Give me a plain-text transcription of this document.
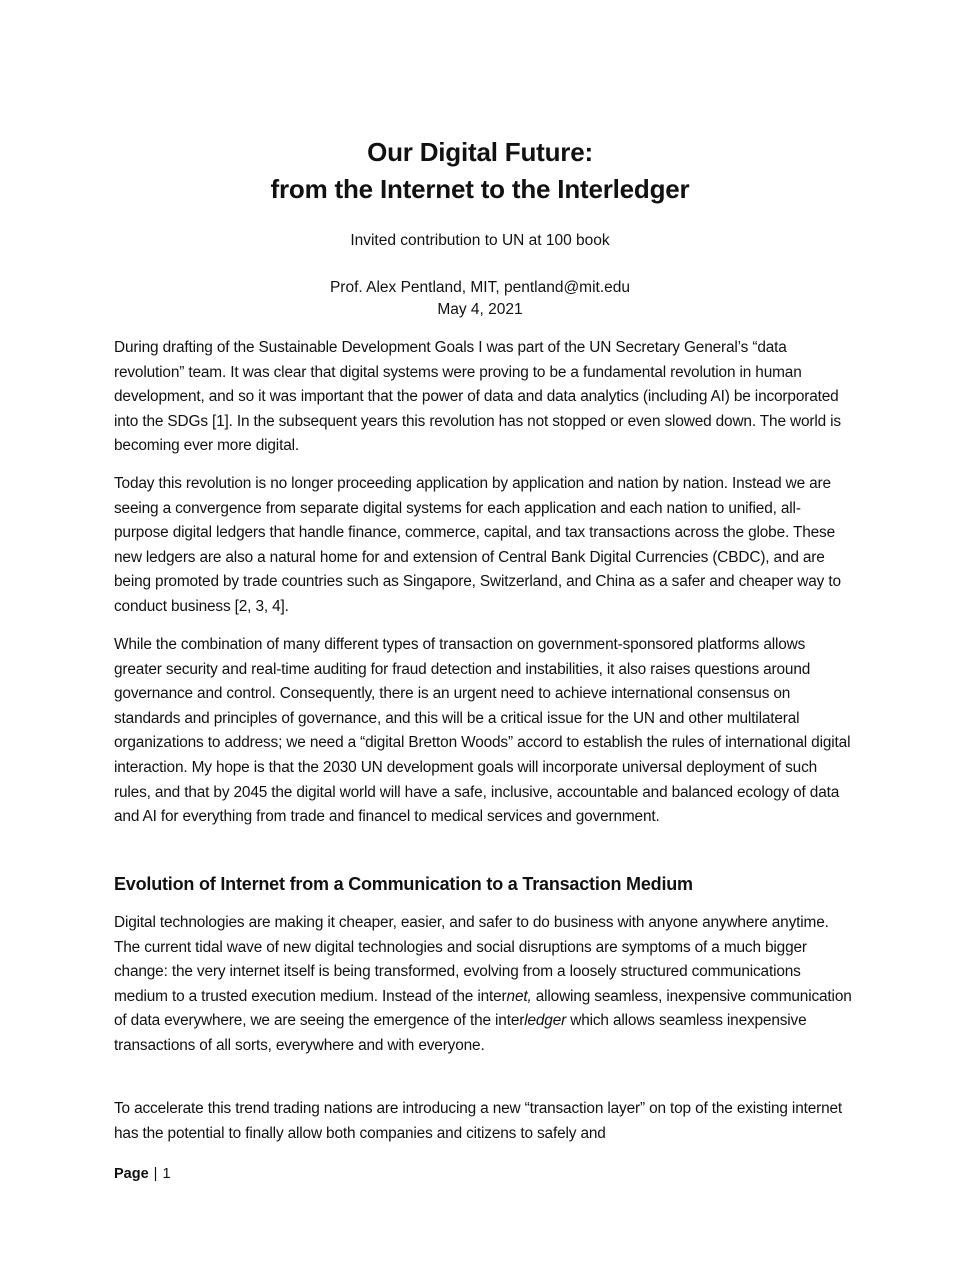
Our Digital Future:
from the Internet to the Interledger
Invited contribution to UN at 100 book
Prof. Alex Pentland, MIT, pentland@mit.edu
May 4, 2021

During drafting of the Sustainable Development Goals I was part of the UN Secretary General’s “data revolution” team. It was clear that digital systems were proving to be a fundamental revolution in human development, and so it was important that the power of data and data analytics (including AI) be incorporated into the SDGs [1]. In the subsequent years this revolution has not stopped or even slowed down. The world is becoming ever more digital.

Today this revolution is no longer proceeding application by application and nation by nation. Instead we are seeing a convergence from separate digital systems for each application and each nation to unified, all-purpose digital ledgers that handle finance, commerce, capital, and tax transactions across the globe. These new ledgers are also a natural home for and extension of Central Bank Digital Currencies (CBDC), and are being promoted by trade countries such as Singapore, Switzerland, and China as a safer and cheaper way to conduct business [2, 3, 4].

While the combination of many different types of transaction on government-sponsored platforms allows greater security and real-time auditing for fraud detection and instabilities, it also raises questions around governance and control. Consequently, there is an urgent need to achieve international consensus on standards and principles of governance, and this will be a critical issue for the UN and other multilateral organizations to address; we need a “digital Bretton Woods” accord to establish the rules of international digital interaction. My hope is that the 2030 UN development goals will incorporate universal deployment of such rules, and that by 2045 the digital world will have a safe, inclusive, accountable and balanced ecology of data and AI for everything from trade and financel to medical services and government.

Evolution of Internet from a Communication to a Transaction Medium

Digital technologies are making it cheaper, easier, and safer to do business with anyone anywhere anytime. The current tidal wave of new digital technologies and social disruptions are symptoms of a much bigger change: the very internet itself is being transformed, evolving from a loosely structured communications medium to a trusted execution medium. Instead of the internet, allowing seamless, inexpensive communication of data everywhere, we are seeing the emergence of the interledger which allows seamless inexpensive transactions of all sorts, everywhere and with everyone.

To accelerate this trend trading nations are introducing a new “transaction layer” on top of the existing internet has the potential to finally allow both companies and citizens to safely and

Page | 1
